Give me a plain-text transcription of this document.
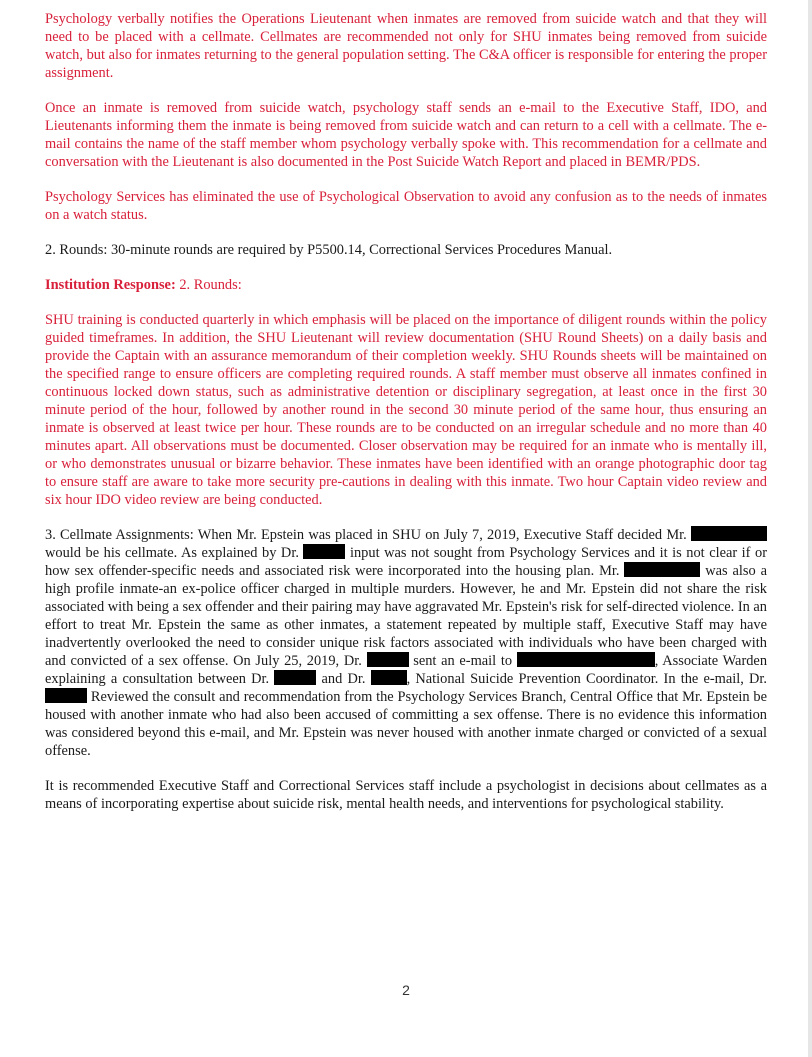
Psychology verbally notifies the Operations Lieutenant when inmates are removed from suicide watch and that they will need to be placed with a cellmate. Cellmates are recommended not only for SHU inmates being removed from suicide watch, but also for inmates returning to the general population setting. The C&A officer is responsible for entering the proper assignment.

Once an inmate is removed from suicide watch, psychology staff sends an e-mail to the Executive Staff, IDO, and Lieutenants informing them the inmate is being removed from suicide watch and can return to a cell with a cellmate. The e-mail contains the name of the staff member whom psychology verbally spoke with. This recommendation for a cellmate and conversation with the Lieutenant is also documented in the Post Suicide Watch Report and placed in BEMR/PDS.

Psychology Services has eliminated the use of Psychological Observation to avoid any confusion as to the needs of inmates on a watch status.

2. Rounds: 30-minute rounds are required by P5500.14, Correctional Services Procedures Manual.

Institution Response: 2. Rounds:

SHU training is conducted quarterly in which emphasis will be placed on the importance of diligent rounds within the policy guided timeframes. In addition, the SHU Lieutenant will review documentation (SHU Round Sheets) on a daily basis and provide the Captain with an assurance memorandum of their completion weekly. SHU Rounds sheets will be maintained on the specified range to ensure officers are completing required rounds. A staff member must observe all inmates confined in continuous locked down status, such as administrative detention or disciplinary segregation, at least once in the first 30 minute period of the hour, followed by another round in the second 30 minute period of the same hour, thus ensuring an inmate is observed at least twice per hour. These rounds are to be conducted on an irregular schedule and no more than 40 minutes apart. All observations must be documented. Closer observation may be required for an inmate who is mentally ill, or who demonstrates unusual or bizarre behavior. These inmates have been identified with an orange photographic door tag to ensure staff are aware to take more security pre-cautions in dealing with this inmate. Two hour Captain video review and six hour IDO video review are being conducted.

3. Cellmate Assignments: When Mr. Epstein was placed in SHU on July 7, 2019, Executive Staff decided Mr.  would be his cellmate. As explained by Dr.	input was not sought from Psychology Services and it is not clear if or how sex offender-specific needs and associated risk were incorporated into the housing plan. Mr.	was also a high profile inmate-an ex-police officer charged in multiple murders. However, he and Mr. Epstein did not share the risk associated with being a sex offender and their pairing may have aggravated Mr. Epstein's risk for self-directed violence. In an effort to treat Mr. Epstein the same as other inmates, a statement repeated by multiple staff, Executive Staff may have inadvertently overlooked the need to consider unique risk factors associated with individuals who have been charged with and convicted of a sex offense. On July 25, 2019, Dr.	sent an e-mail to	, Associate Warden explaining a consultation between Dr.	and Dr.	, National Suicide Prevention Coordinator. In the e-mail, Dr.  Reviewed the consult and recommendation from the Psychology Services Branch, Central Office that Mr. Epstein be housed with another inmate who had also been accused of committing a sex offense. There is no evidence this information was considered beyond this e-mail, and Mr. Epstein was never housed with another inmate charged or convicted of a sexual offense.

It is recommended Executive Staff and Correctional Services staff include a psychologist in decisions about cellmates as a means of incorporating expertise about suicide risk, mental health needs, and interventions for psychological stability.

2
